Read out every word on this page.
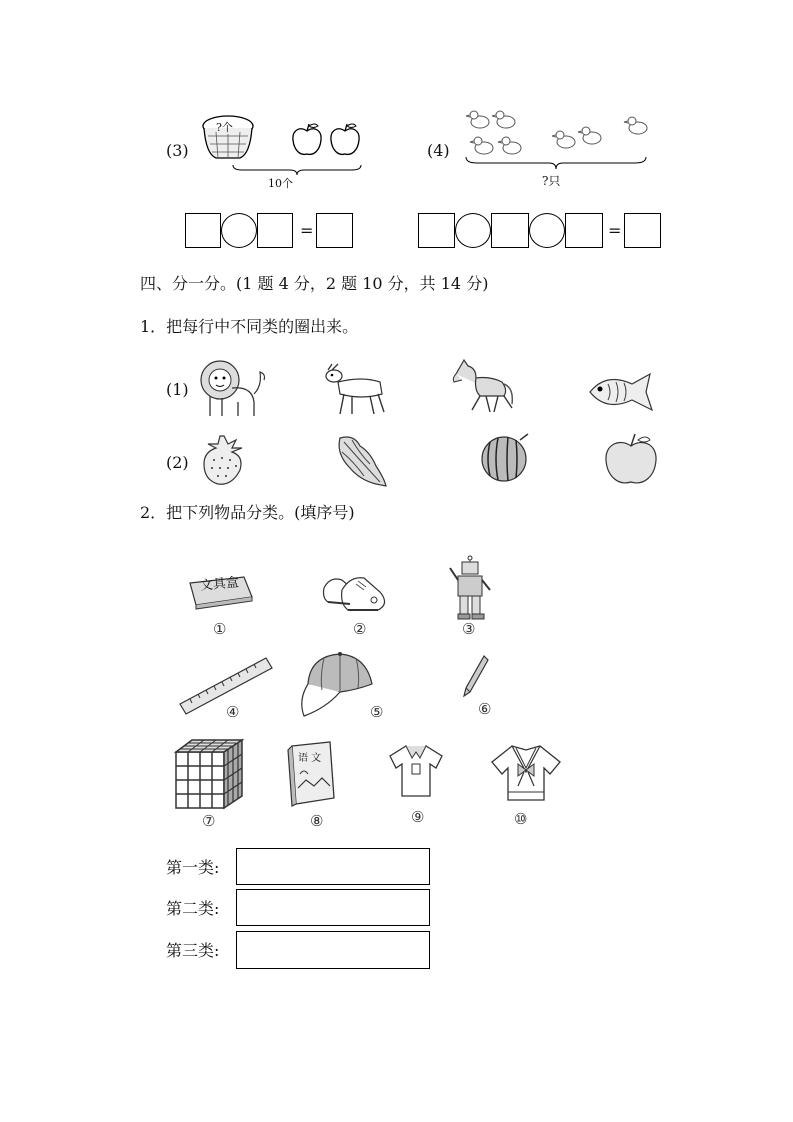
(3)
?个
10个
(4)
?只
=	=
四、分一分。(1 题 4 分，2 题 10 分，共 14 分)
1．把每行中不同类的圈出来。
(1)
(2)
2．把下列物品分类。(填序号)
文具盒
①	②	③
④	⑤	⑥
⑦
语 文
⑧	⑨	⑩
第一类:
第二类:
第三类:
